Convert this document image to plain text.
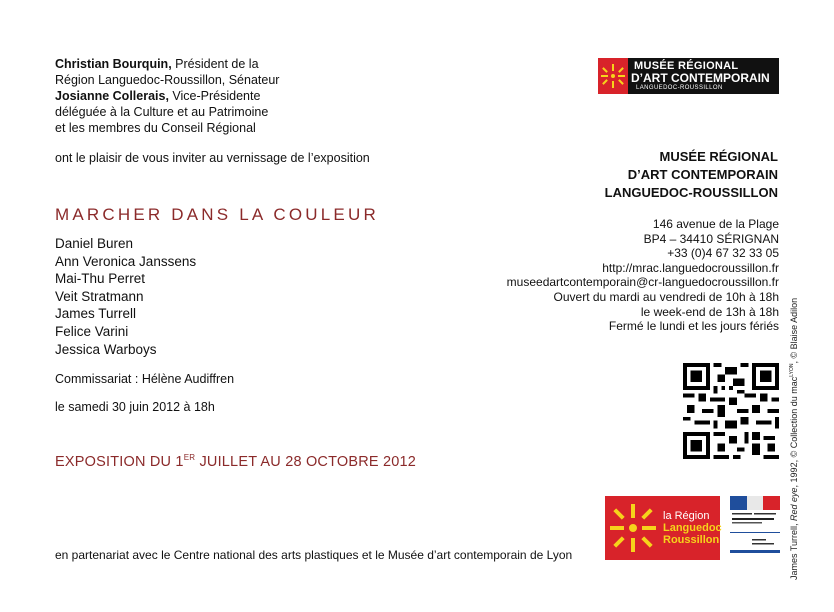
Christian Bourquin, Président de la
Région Languedoc-Roussillon, Sénateur
Josianne Collerais, Vice-Présidente
déléguée à la Culture et au Patrimoine
et les membres du Conseil Régional
ont le plaisir de vous inviter au vernissage de l’exposition
MARCHER DANS LA COULEUR
Daniel Buren
Ann Veronica Janssens
Mai-Thu Perret
Veit Stratmann
James Turrell
Felice Varini
Jessica Warboys
Commissariat : Hélène Audiffren
le samedi 30 juin 2012 à 18h
EXPOSITION DU 1ER JUILLET AU 28 OCTOBRE 2012
en partenariat avec le Centre national des arts plastiques et le Musée d’art contemporain de Lyon
MUSÉE RÉGIONAL
D’ART CONTEMPORAIN
LANGUEDOC-ROUSSILLON
MUSÉE RÉGIONAL
D’ART CONTEMPORAIN
LANGUEDOC-ROUSSILLON
146 avenue de la Plage
BP4 – 34410 SÉRIGNAN
+33 (0)4 67 32 33 05
http://mrac.languedocroussillon.fr
museedartcontemporain@cr-languedocroussillon.fr
Ouvert du mardi au vendredi de 10h à 18h
le week-end de 13h à 18h
Fermé le lundi et les jours fériés
la Région
Languedoc
Roussillon	James Turrell, Red eye, 1992, © Collection du mac$^{LYON}$, © Blaise Adilon
